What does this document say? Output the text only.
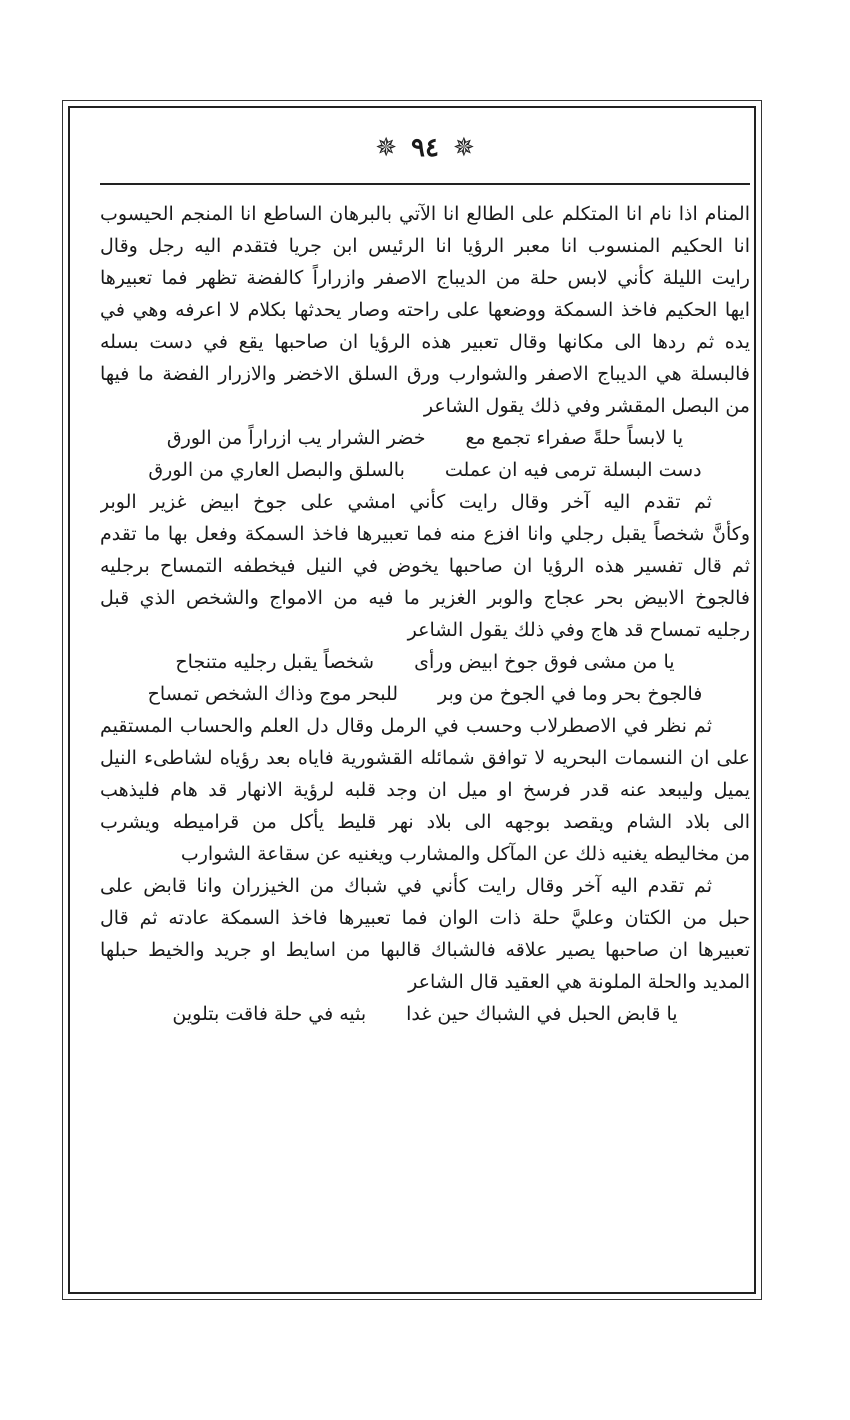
✵ ٩٤ ✵
المنام اذا نام انا المتكلم على الطالع انا الآتي بالبرهان الساطع انا المنجم الحيسوب
انا الحكيم المنسوب انا معبر الرؤيا انا الرئيس ابن جريا فتقدم اليه رجل وقال
رايت الليلة كأني لابس حلة من الديباج الاصفر وازراراً كالفضة تظهر فما تعبيرها
ايها الحكيم فاخذ السمكة ووضعها على راحته وصار يحدثها بكلام لا اعرفه وهي في
يده ثم ردها الى مكانها وقال تعبير هذه الرؤيا ان صاحبها يقع في دست بسله
فالبسلة هي الديباج الاصفر والشوارب ورق السلق الاخضر والازرار الفضة ما فيها
من البصل المقشر وفي ذلك يقول الشاعر
يا لابساً حلةً صفراء تجمع مع
خضر الشرار يب ازراراً من الورق
دست البسلة ترمى فيه ان عملت
بالسلق والبصل العاري من الورق
ثم تقدم اليه آخر وقال رايت كأني امشي على جوخ ابيض غزير الوبر
وكأنَّ شخصاً يقبل رجلي وانا افزع منه فما تعبيرها فاخذ السمكة وفعل بها ما تقدم
ثم قال تفسير هذه الرؤيا ان صاحبها يخوض في النيل فيخطفه التمساح برجليه
فالجوخ الابيض بحر عجاج والوبر الغزير ما فيه من الامواج والشخص الذي قبل
رجليه تمساح قد هاج وفي ذلك يقول الشاعر
يا من مشى فوق جوخ ابيض ورأى
شخصاً يقبل رجليه متنجاح
فالجوخ بحر وما في الجوخ من وبر
للبحر موج وذاك الشخص تمساح
ثم نظر في الاصطرلاب وحسب في الرمل وقال دل العلم والحساب المستقيم
على ان النسمات البحريه لا توافق شمائله القشورية فاياه بعد رؤياه لشاطىء النيل
يميل وليبعد عنه قدر فرسخ او ميل ان وجد قلبه لرؤية الانهار قد هام فليذهب
الى بلاد الشام ويقصد بوجهه الى بلاد نهر قليط يأكل من قراميطه ويشرب
من مخاليطه يغنيه ذلك عن المآكل والمشارب ويغنيه عن سقاعة الشوارب
ثم تقدم اليه آخر وقال رايت كأني في شباك من الخيزران وانا قابض على
حبل من الكتان وعليَّ حلة ذات الوان فما تعبيرها فاخذ السمكة عادته ثم قال
تعبيرها ان صاحبها يصير علاقه فالشباك قالبها من اسايط او جريد والخيط حبلها
المديد والحلة الملونة هي العقيد قال الشاعر
يا قابض الحبل في الشباك حين غدا
بثيه في حلة فاقت بتلوين
